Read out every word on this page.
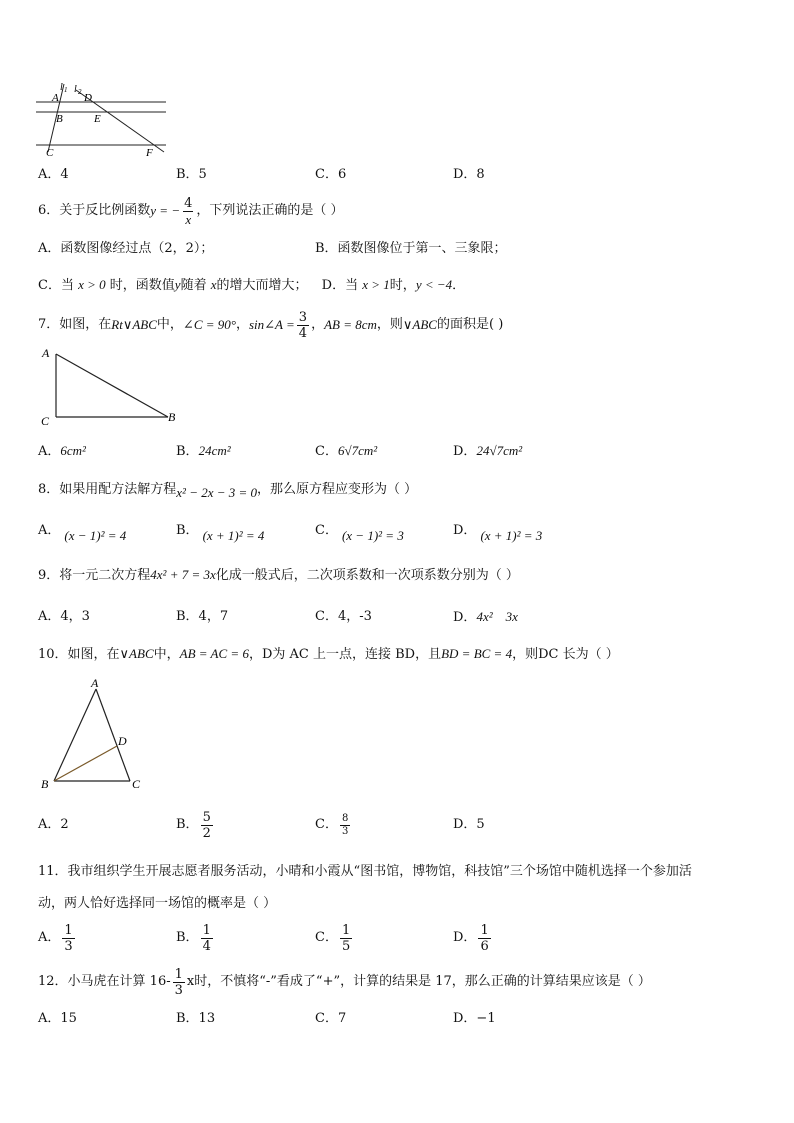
l 1 l 2
A D
B	E
C	F
A．4	B．5	C．6	D．8
6．关于反比例函数 y = − $\frac{4}{x}$ ，下列说法正确的是（ ）
A．函数图像经过点（2，2）；	B．函数图像位于第一、三象限；
C．当 x > 0 时，函数值y随着 x的增大而增大； D．当 x > 1时，y < −4．
7．如图，在 Rt∨ABC 中， ∠C = 90° ， sin∠A = $\frac{3}{4}$ ， AB = 8cm ，则 ∨ABC 的面积是( )
A
C	B
A．6cm²	B．24cm²	C．6√7cm²	D．24√7cm²
8．如果用配方法解方程x² − 2x − 3 = 0，那么原方程应变形为（ ）
A． (x − 1)² = 4	B． (x + 1)² = 4	C． (x − 1)² = 3	D． (x + 1)² = 3
9．将一元二次方程4x² + 7 = 3x化成一般式后，二次项系数和一次项系数分别为（ ）
A．4，3	B．4，7	C．4，-3	D．4x²    3x
10．如图，在∨ABC中，AB = AC = 6，D为 AC 上一点，连接 BD，且BD = BC = 4，则DC 长为（ ）
A
D
B	C
A．2	B． $\frac{5}{2}$	C． $\frac{8}{3}$	D．5
11．我市组织学生开展志愿者服务活动，小晴和小霞从“图书馆，博物馆，科技馆”三个场馆中随机选择一个参加活
动，两人恰好选择同一场馆的概率是（ ）
A． $\frac{1}{3}$	B． $\frac{1}{4}$	C． $\frac{1}{5}$	D． $\frac{1}{6}$
12．小马虎在计算 $16- \frac{1}{3}$ x 时，不慎将“-”看成了“+”，计算的结果是 17，那么正确的计算结果应该是（ ）
A．15	B．13	C．7	D．−1
